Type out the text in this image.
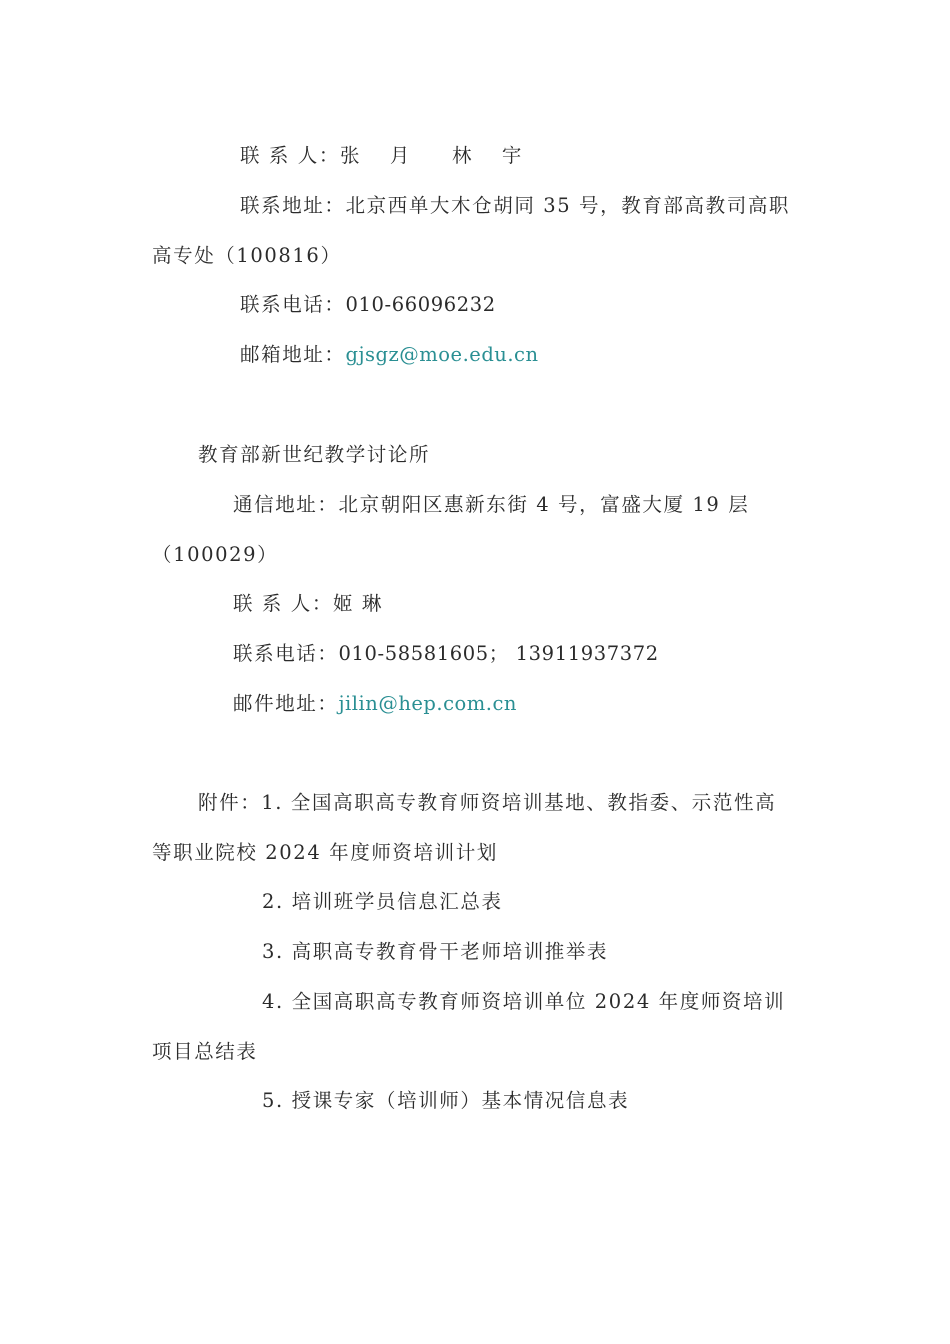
联 系 人：张  月   林  宇
联系地址：北京西单大木仓胡同 35 号，教育部高教司高职
高专处（100816）
联系电话：010-66096232
邮箱地址：gjsgz@moe.edu.cn
教育部新世纪教学讨论所
通信地址：北京朝阳区惠新东街 4 号，富盛大厦 19 层
（100029）
联 系 人：姬 琳
联系电话：010-58581605； 13911937372
邮件地址：jilin@hep.com.cn
附件：1. 全国高职高专教育师资培训基地、教指委、示范性高
等职业院校 2024 年度师资培训计划
2. 培训班学员信息汇总表
3. 高职高专教育骨干老师培训推举表
4. 全国高职高专教育师资培训单位 2024 年度师资培训
项目总结表
5. 授课专家（培训师）基本情况信息表
